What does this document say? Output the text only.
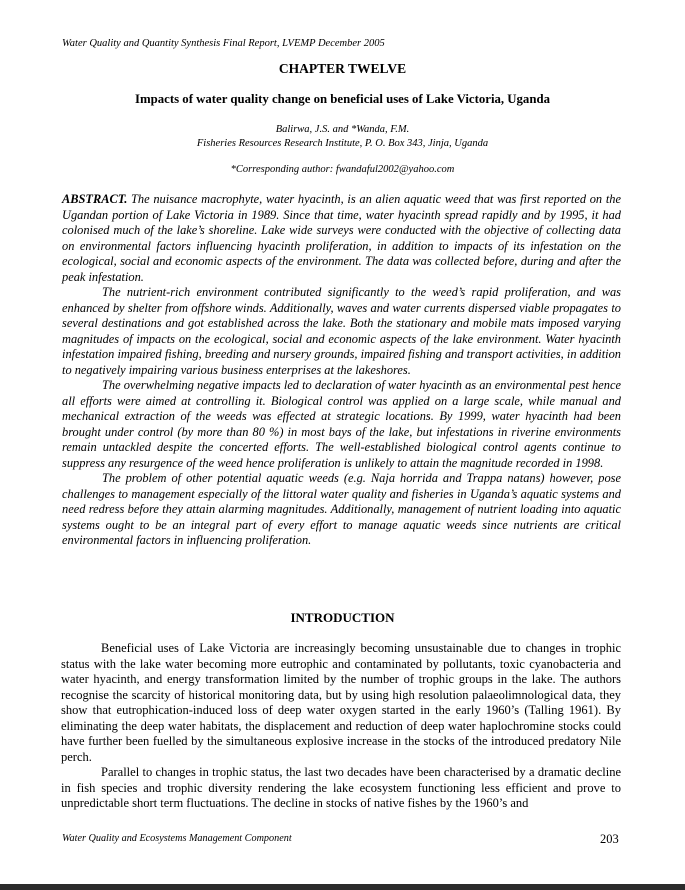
Water Quality and Quantity Synthesis Final Report, LVEMP December 2005
CHAPTER TWELVE
Impacts of water quality change on beneficial uses of Lake Victoria, Uganda
Balirwa, J.S. and *Wanda, F.M.
Fisheries Resources Research Institute, P. O. Box 343, Jinja, Uganda
*Corresponding author: fwandaful2002@yahoo.com

ABSTRACT. The nuisance macrophyte, water hyacinth, is an alien aquatic weed that was first reported on the Ugandan portion of Lake Victoria in 1989. Since that time, water hyacinth spread rapidly and by 1995, it had colonised much of the lake’s shoreline. Lake wide surveys were conducted with the objective of collecting data on environmental factors influencing hyacinth proliferation, in addition to impacts of its infestation on the ecological, social and economic aspects of the environment. The data was collected before, during and after the peak infestation.

The nutrient-rich environment contributed significantly to the weed’s rapid proliferation, and was enhanced by shelter from offshore winds. Additionally, waves and water currents dispersed viable propagates to several destinations and got established across the lake. Both the stationary and mobile mats imposed varying magnitudes of impacts on the ecological, social and economic aspects of the lake environment. Water hyacinth infestation impaired fishing, breeding and nursery grounds, impaired fishing and transport activities, in addition to negatively impairing various business enterprises at the lakeshores.

The overwhelming negative impacts led to declaration of water hyacinth as an environmental pest hence all efforts were aimed at controlling it. Biological control was applied on a large scale, while manual and mechanical extraction of the weeds was effected at strategic locations. By 1999, water hyacinth had been brought under control (by more than 80 %) in most bays of the lake, but infestations in riverine environments remain untackled despite the concerted efforts. The well-established biological control agents continue to suppress any resurgence of the weed hence proliferation is unlikely to attain the magnitude recorded in 1998.

The problem of other potential aquatic weeds (e.g. Naja horrida and Trappa natans) however, pose challenges to management especially of the littoral water quality and fisheries in Uganda’s aquatic systems and need redress before they attain alarming magnitudes. Additionally, management of nutrient loading into aquatic systems ought to be an integral part of every effort to manage aquatic weeds since nutrients are critical environmental factors in influencing proliferation.

INTRODUCTION

Beneficial uses of Lake Victoria are increasingly becoming unsustainable due to changes in trophic status with the lake water becoming more eutrophic and contaminated by pollutants, toxic cyanobacteria and water hyacinth, and energy transformation limited by the number of trophic groups in the lake. The authors recognise the scarcity of historical monitoring data, but by using high resolution palaeolimnological data, they show that eutrophication-induced loss of deep water oxygen started in the early 1960’s (Talling 1961). By eliminating the deep water habitats, the displacement and reduction of deep water haplochromine stocks could have further been fuelled by the simultaneous explosive increase in the stocks of the introduced predatory Nile perch.

Parallel to changes in trophic status, the last two decades have been characterised by a dramatic decline in fish species and trophic diversity rendering the lake ecosystem functioning less efficient and prove to unpredictable short term fluctuations. The decline in stocks of native fishes by the 1960’s and

Water Quality and Ecosystems Management Component	203
